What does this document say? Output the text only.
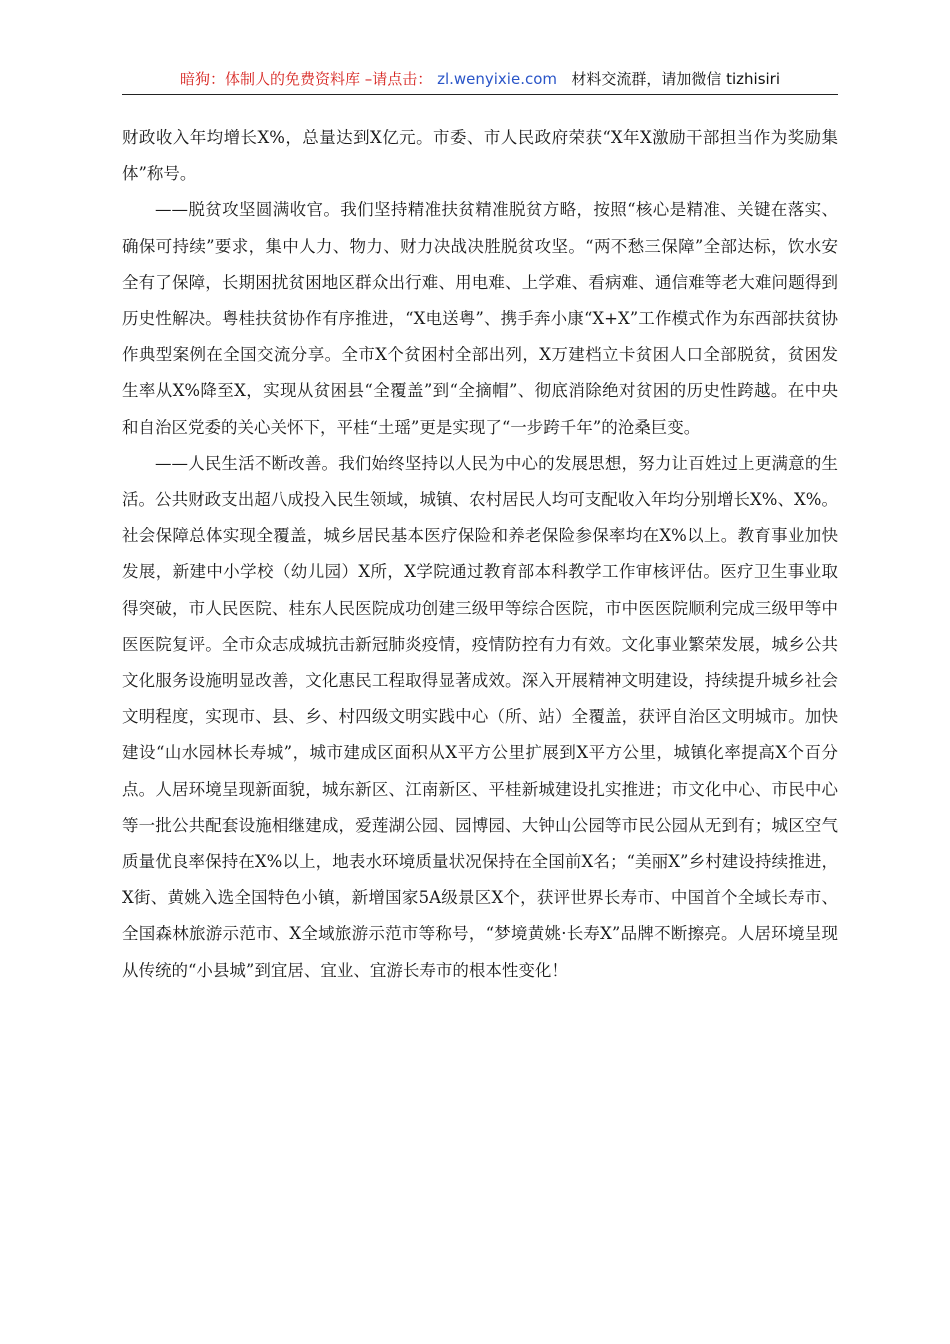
暗狗：体制人的免费资料库 –请点击： zl.wenyixie.com 材料交流群，请加微信 tizhisiri

财政收入年均增长X%，总量达到X亿元。市委、市人民政府荣获“X年X激励干部担当作为奖励集体”称号。

——脱贫攻坚圆满收官。我们坚持精准扶贫精准脱贫方略，按照“核心是精准、关键在落实、确保可持续”要求，集中人力、物力、财力决战决胜脱贫攻坚。“两不愁三保障”全部达标，饮水安全有了保障，长期困扰贫困地区群众出行难、用电难、上学难、看病难、通信难等老大难问题得到历史性解决。粤桂扶贫协作有序推进，“X电送粤”、携手奔小康“X+X”工作模式作为东西部扶贫协作典型案例在全国交流分享。全市X个贫困村全部出列，X万建档立卡贫困人口全部脱贫，贫困发生率从X%降至X，实现从贫困县“全覆盖”到“全摘帽”、彻底消除绝对贫困的历史性跨越。在中央和自治区党委的关心关怀下，平桂“土瑶”更是实现了“一步跨千年”的沧桑巨变。

——人民生活不断改善。我们始终坚持以人民为中心的发展思想，努力让百姓过上更满意的生活。公共财政支出超八成投入民生领域，城镇、农村居民人均可支配收入年均分别增长X%、X%。社会保障总体实现全覆盖，城乡居民基本医疗保险和养老保险参保率均在X%以上。教育事业加快发展，新建中小学校（幼儿园）X所，X学院通过教育部本科教学工作审核评估。医疗卫生事业取得突破，市人民医院、桂东人民医院成功创建三级甲等综合医院，市中医医院顺利完成三级甲等中医医院复评。全市众志成城抗击新冠肺炎疫情，疫情防控有力有效。文化事业繁荣发展，城乡公共文化服务设施明显改善，文化惠民工程取得显著成效。深入开展精神文明建设，持续提升城乡社会文明程度，实现市、县、乡、村四级文明实践中心（所、站）全覆盖，获评自治区文明城市。加快建设“山水园林长寿城”，城市建成区面积从X平方公里扩展到X平方公里，城镇化率提高X个百分点。人居环境呈现新面貌，城东新区、江南新区、平桂新城建设扎实推进；市文化中心、市民中心等一批公共配套设施相继建成，爱莲湖公园、园博园、大钟山公园等市民公园从无到有；城区空气质量优良率保持在X%以上，地表水环境质量状况保持在全国前X名；“美丽X”乡村建设持续推进，X街、黄姚入选全国特色小镇，新增国家5A级景区X个，获评世界长寿市、中国首个全域长寿市、全国森林旅游示范市、X全域旅游示范市等称号，“梦境黄姚·长寿X”品牌不断擦亮。人居环境呈现从传统的“小县城”到宜居、宜业、宜游长寿市的根本性变化！
